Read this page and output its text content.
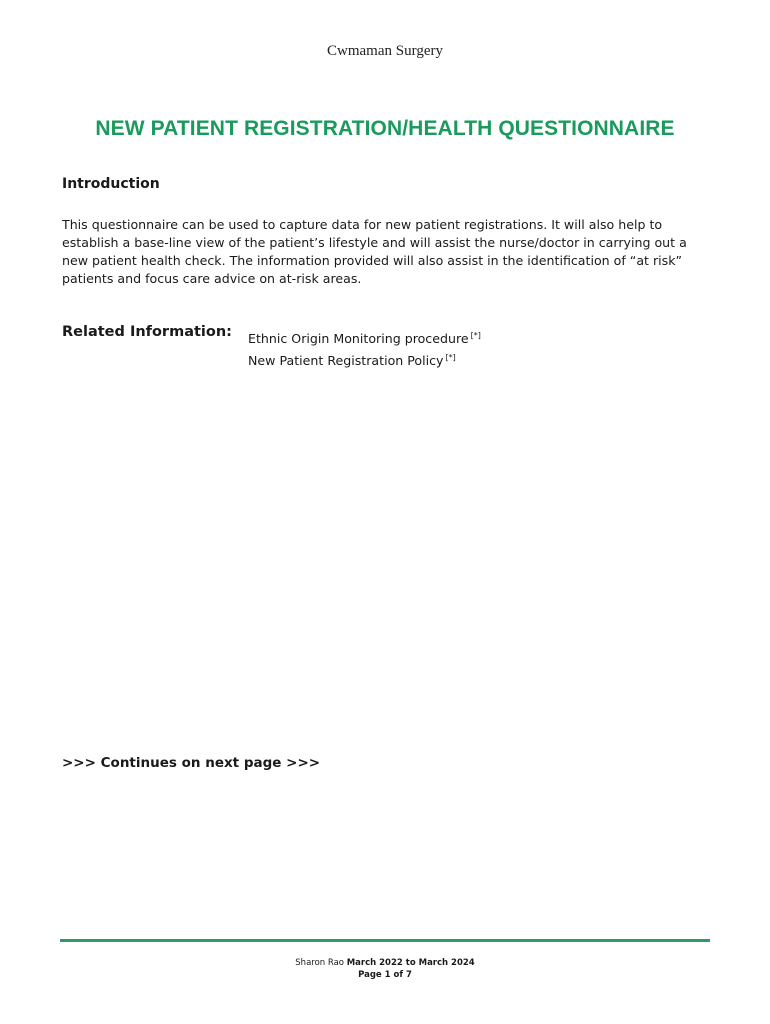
Cwmaman Surgery
NEW PATIENT REGISTRATION/HEALTH QUESTIONNAIRE
Introduction
This questionnaire can be used to capture data for new patient registrations. It will also help to
establish a base-line view of the patient’s lifestyle and will assist the nurse/doctor in carrying out a
new patient health check. The information provided will also assist in the identification of “at risk”
patients and focus care advice on at-risk areas.
Related Information: Ethnic Origin Monitoring procedure [*]
New Patient Registration Policy [*]
>>> Continues on next page >>>
Sharon Rao March 2022 to March 2024
Page 1 of 7
